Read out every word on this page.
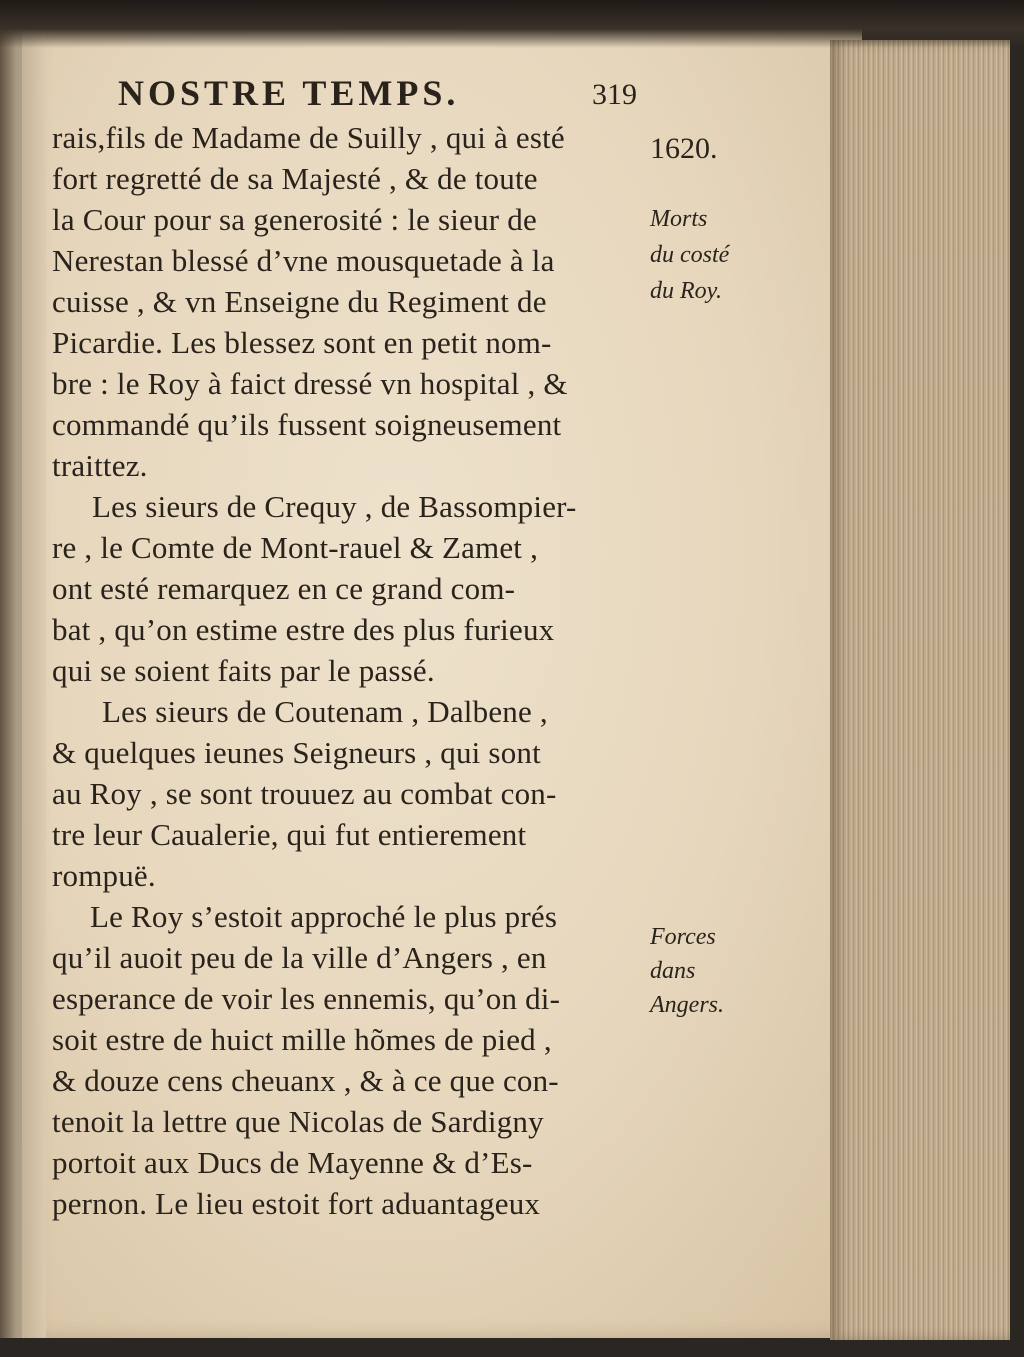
NOSTRE TEMPS.	319

rais,fils de Madame de Suilly , qui à esté

fort regretté de sa Majesté , & de toute

la Cour pour sa generosité : le sieur de

Nerestan blessé d’vne mousquetade à la

cuisse , & vn Enseigne du Regiment de

Picardie. Les blessez sont en petit nom-

bre : le Roy à faict dressé vn hospital , &

commandé qu’ils fussent soigneusement

traittez.

Les sieurs de Crequy , de Bassompier-

re , le Comte de Mont-rauel & Zamet ,

ont esté remarquez en ce grand com-

bat , qu’on estime estre des plus furieux

qui se soient faits par le passé.

Les sieurs de Coutenam , Dalbene ,

& quelques ieunes Seigneurs , qui sont

au Roy , se sont trouuez au combat con-

tre leur Caualerie, qui fut entierement

rompuë.

Le Roy s’estoit approché le plus prés

qu’il auoit peu de la ville d’Angers , en

esperance de voir les ennemis, qu’on di-

soit estre de huict mille hõmes de pied ,

& douze cens cheuanx , & à ce que con-

tenoit la lettre que Nicolas de Sardigny

portoit aux Ducs de Mayenne & d’Es-

pernon. Le lieu estoit fort aduantageux

1620.

Morts

du costé

du Roy.

Forces

dans

Angers.
